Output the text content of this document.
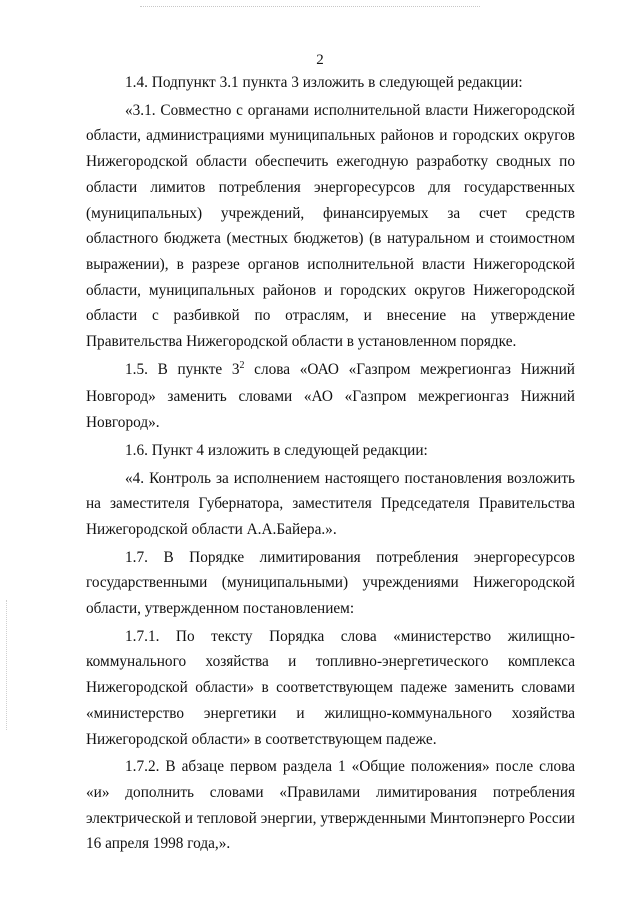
2

1.4. Подпункт 3.1 пункта 3 изложить в следующей редакции:

«3.1. Совместно с органами исполнительной власти Нижегородской области, администрациями муниципальных районов и городских округов Нижегородской области обеспечить ежегодную разработку сводных по области лимитов потребления энергоресурсов для государственных (муниципальных) учреждений, финансируемых за счет средств областного бюджета (местных бюджетов) (в натуральном и стоимостном выражении), в разрезе органов исполнительной власти Нижегородской области, муниципальных районов и городских округов Нижегородской области с разбивкой по отраслям, и внесение на утверждение Правительства Нижегородской области в установленном порядке.

1.5. В пункте $3^2$ слова «ОАО «Газпром межрегионгаз Нижний Новгород» заменить словами «АО «Газпром межрегионгаз Нижний Новгород».

1.6. Пункт 4 изложить в следующей редакции:

«4. Контроль за исполнением настоящего постановления возложить на заместителя Губернатора, заместителя Председателя Правительства Нижегородской области А.А.Байера.».

1.7. В Порядке лимитирования потребления энергоресурсов государственными (муниципальными) учреждениями Нижегородской области, утвержденном постановлением:

1.7.1. По тексту Порядка слова «министерство жилищно-коммунального хозяйства и топливно-энергетического комплекса Нижегородской области» в соответствующем падеже заменить словами «министерство энергетики и жилищно-коммунального хозяйства Нижегородской области» в соответствующем падеже.

1.7.2. В абзаце первом раздела 1 «Общие положения» после слова «и» дополнить словами «Правилами лимитирования потребления электрической и тепловой энергии, утвержденными Минтопэнерго России 16 апреля 1998 года,».
